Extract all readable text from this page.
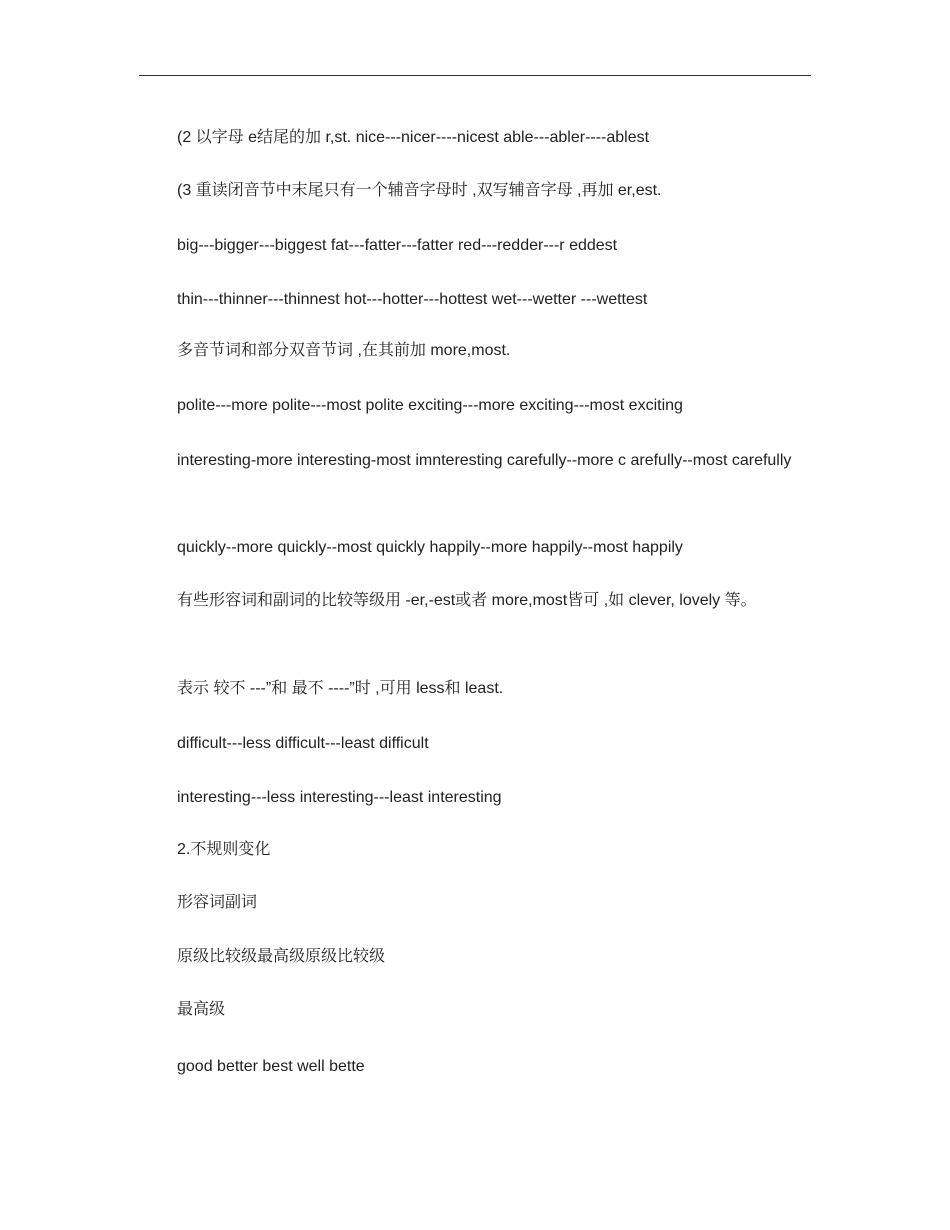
(2 以字母 e结尾的加 r,st. nice---nicer----nicest able---abler----ablest
(3 重读闭音节中末尾只有一个辅音字母时 ,双写辅音字母 ,再加 er,est.
big---bigger---biggest fat---fatter---fatter red---redder---r eddest
thin---thinner---thinnest hot---hotter---hottest wet---wetter ---wettest
多音节词和部分双音节词 ,在其前加 more,most.
polite---more polite---most polite exciting---more exciting---most exciting
interesting-more interesting-most imnteresting carefully--more c arefully--most carefully
quickly--more quickly--most quickly happily--more happily--most happily
有些形容词和副词的比较等级用 -er,-est或者 more,most皆可 ,如 clever, lovely 等。
表示 较不 ---”和 最不 ----”时 ,可用 less和 least.
difficult---less difficult---least difficult
interesting---less interesting---least interesting
2.不规则变化
形容词副词
原级比较级最高级原级比较级
最高级
good better best well bette
